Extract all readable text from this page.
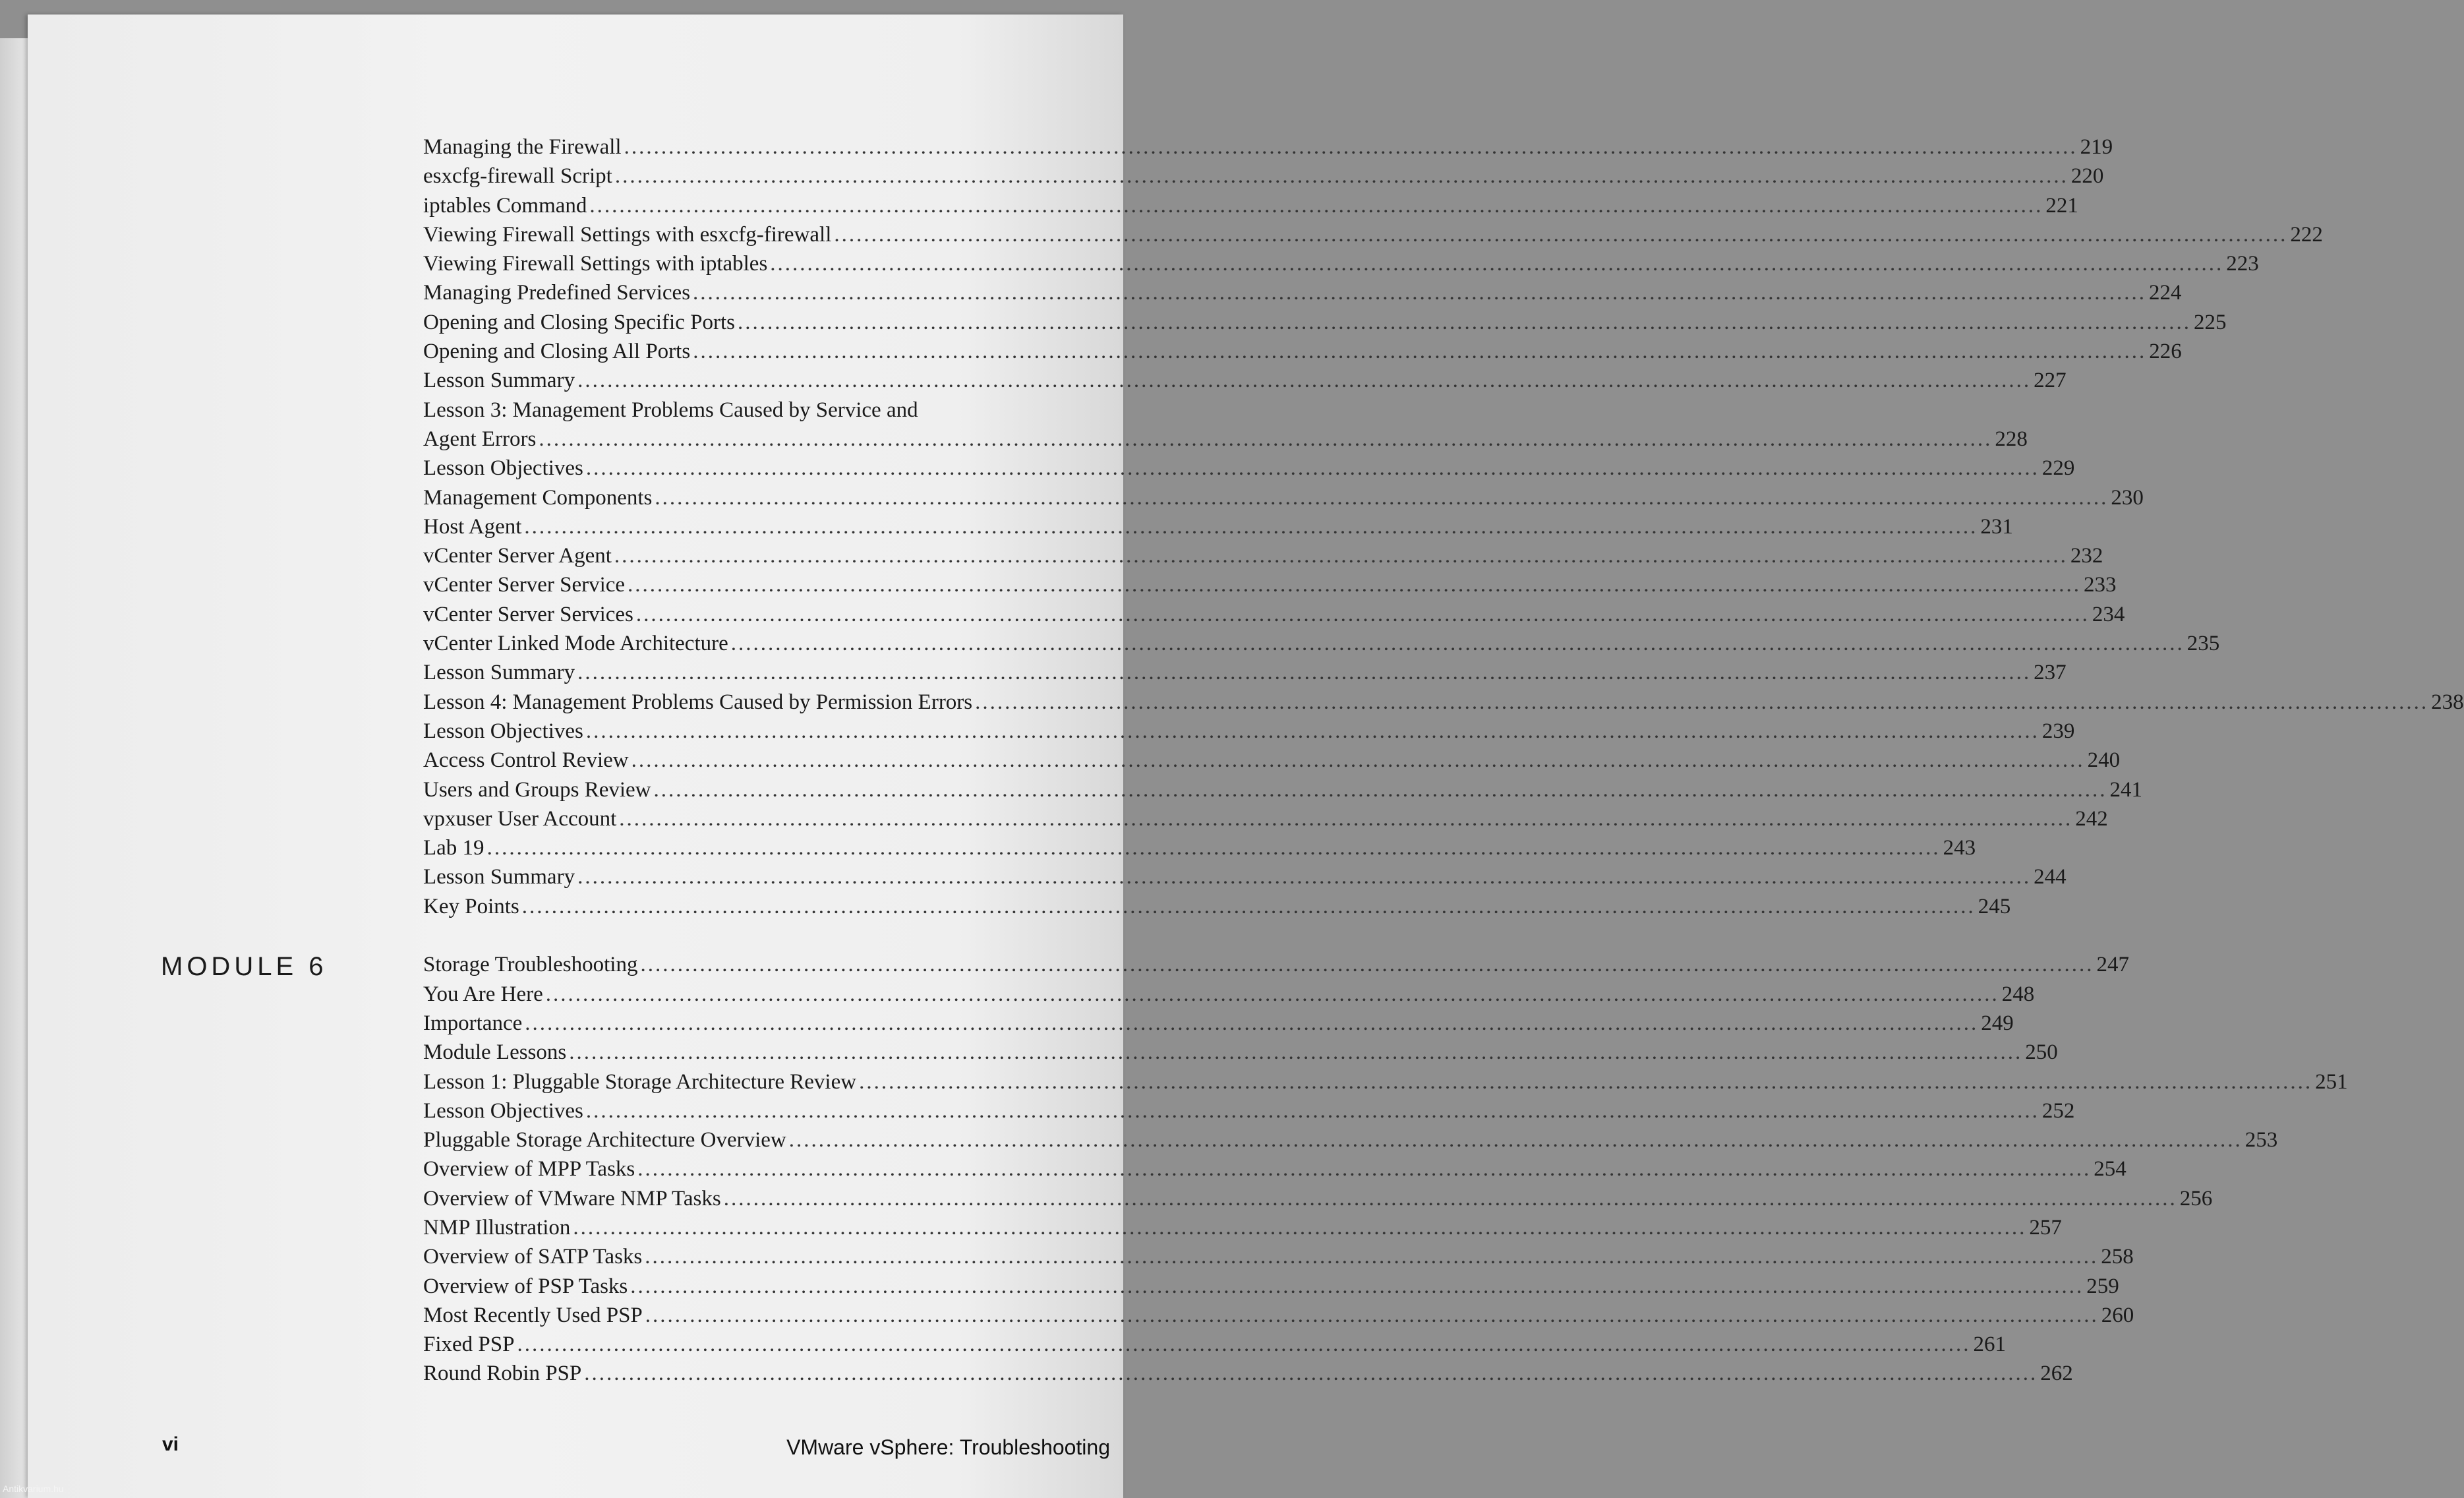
Managing the Firewall .....	219
esxcfg-firewall Script .....	220
iptables Command .....	221
Viewing Firewall Settings with esxcfg-firewall .....	222
Viewing Firewall Settings with iptables .....	223
Managing Predefined Services .....	224
Opening and Closing Specific Ports .....	225
Opening and Closing All Ports .....	226
Lesson Summary .....	227
Lesson 3: Management Problems Caused by Service and
Agent Errors .....	228
Lesson Objectives .....	229
Management Components .....	230
Host Agent .....	231
vCenter Server Agent .....	232
vCenter Server Service .....	233
vCenter Server Services .....	234
vCenter Linked Mode Architecture .....	235
Lesson Summary .....	237
Lesson 4: Management Problems Caused by Permission Errors .....	238
Lesson Objectives .....	239
Access Control Review .....	240
Users and Groups Review .....	241
vpxuser User Account .....	242
Lab 19 .....	243
Lesson Summary .....	244
Key Points .....	245
Storage Troubleshooting .....	247
You Are Here .....	248
Importance .....	249
Module Lessons .....	250
Lesson 1: Pluggable Storage Architecture Review .....	251
Lesson Objectives .....	252
Pluggable Storage Architecture Overview .....	253
Overview of MPP Tasks .....	254
Overview of VMware NMP Tasks .....	256
NMP Illustration .....	257
Overview of SATP Tasks .....	258
Overview of PSP Tasks .....	259
Most Recently Used PSP .....	260
Fixed PSP .....	261
Round Robin PSP .....	262
MODULE 6
vi	VMware vSphere: Troubleshooting
Antikvarium.hu
